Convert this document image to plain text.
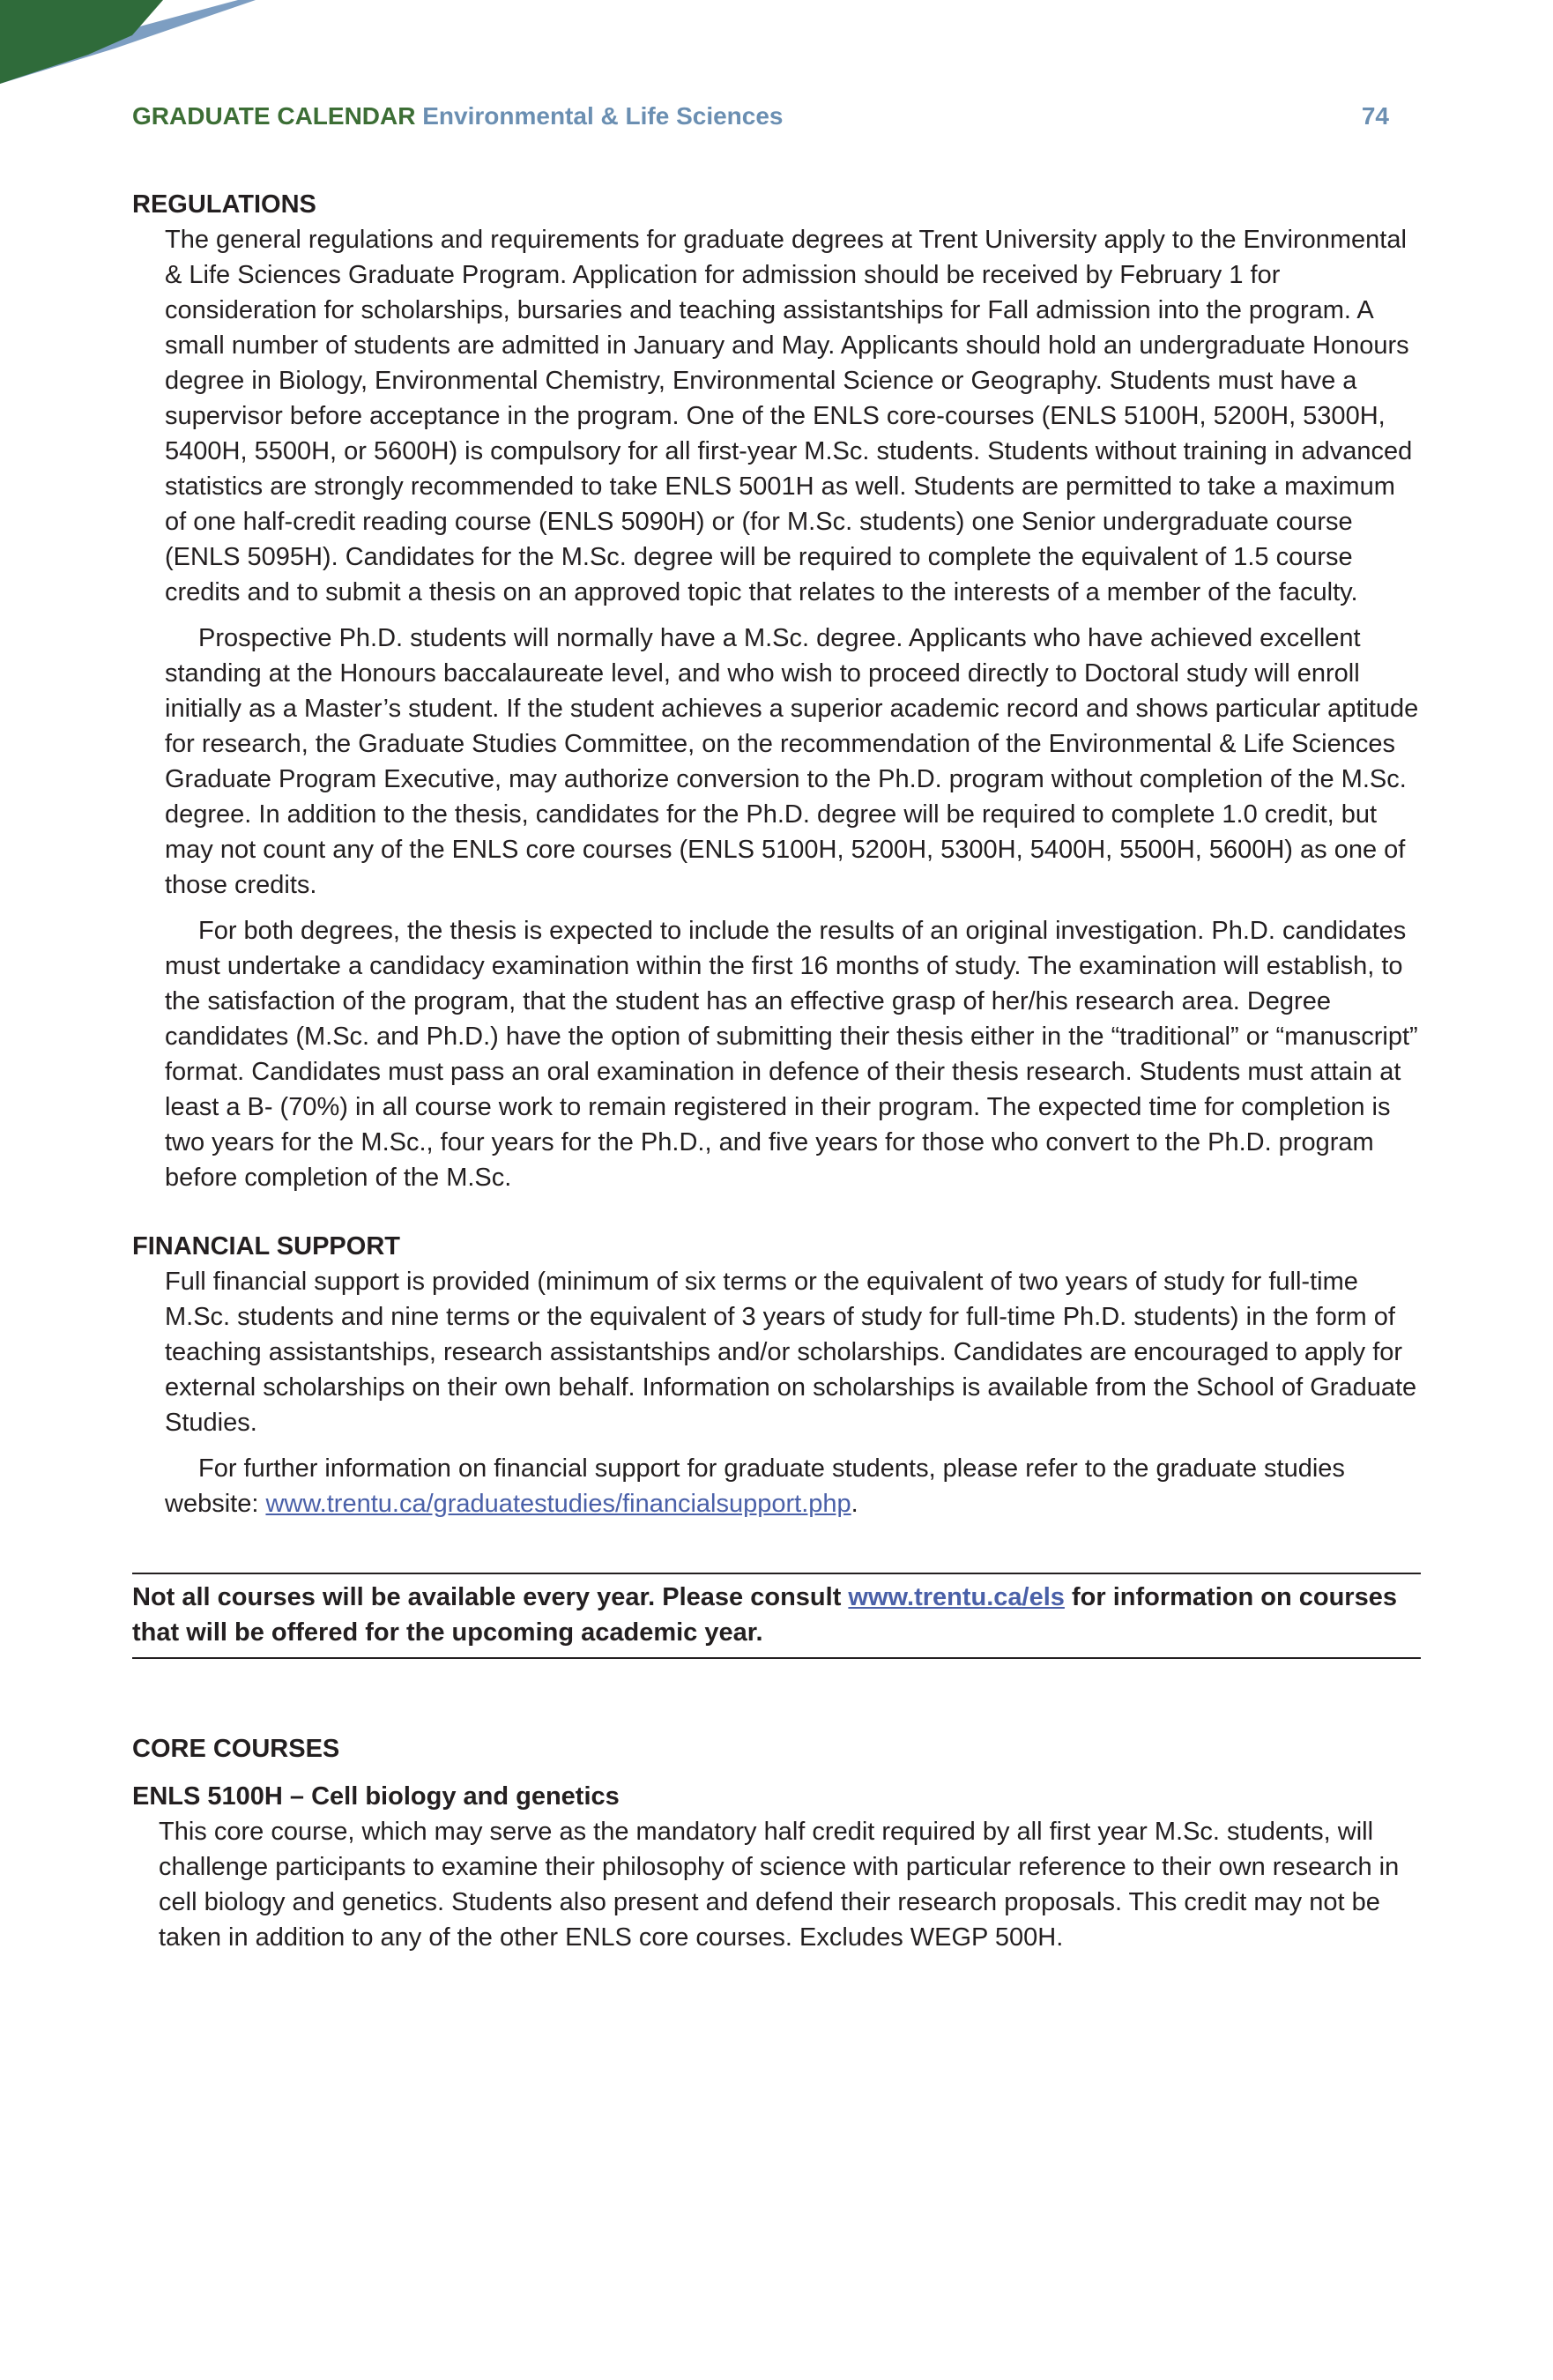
GRADUATE CALENDAR Environmental & Life Sciences	74
REGULATIONS

The general regulations and requirements for graduate degrees at Trent University apply to the Environmental & Life Sciences Graduate Program. Application for admission should be received by February 1 for consideration for scholarships, bursaries and teaching assistantships for Fall admission into the program. A small number of students are admitted in January and May. Applicants should hold an undergraduate Honours degree in Biology, Environmental Chemistry, Environmental Science or Geography. Students must have a supervisor before acceptance in the program. One of the ENLS core-courses (ENLS 5100H, 5200H, 5300H, 5400H, 5500H, or 5600H) is compulsory for all first-year M.Sc. students. Students without training in advanced statistics are strongly recommended to take ENLS 5001H as well. Students are permitted to take a maximum of one half-credit reading course (ENLS 5090H) or (for M.Sc. students) one Senior undergraduate course (ENLS 5095H). Candidates for the M.Sc. degree will be required to complete the equivalent of 1.5 course credits and to submit a thesis on an approved topic that relates to the interests of a member of the faculty.

Prospective Ph.D. students will normally have a M.Sc. degree. Applicants who have achieved excellent standing at the Honours baccalaureate level, and who wish to proceed directly to Doctoral study will enroll initially as a Master’s student. If the student achieves a superior academic record and shows particular aptitude for research, the Graduate Studies Committee, on the recommendation of the Environmental & Life Sciences Graduate Program Executive, may authorize conversion to the Ph.D. program without completion of the M.Sc. degree. In addition to the thesis, candidates for the Ph.D. degree will be required to complete 1.0 credit, but may not count any of the ENLS core courses (ENLS 5100H, 5200H, 5300H, 5400H, 5500H, 5600H) as one of those credits.

For both degrees, the thesis is expected to include the results of an original investigation. Ph.D. candidates must undertake a candidacy examination within the first 16 months of study. The examination will establish, to the satisfaction of the program, that the student has an effective grasp of her/his research area. Degree candidates (M.Sc. and Ph.D.) have the option of submitting their thesis either in the “traditional” or “manuscript” format. Candidates must pass an oral examination in defence of their thesis research. Students must attain at least a B- (70%) in all course work to remain registered in their program. The expected time for completion is two years for the M.Sc., four years for the Ph.D., and five years for those who convert to the Ph.D. program before completion of the M.Sc.

FINANCIAL SUPPORT

Full financial support is provided (minimum of six terms or the equivalent of two years of study for full-time M.Sc. students and nine terms or the equivalent of 3 years of study for full-time Ph.D. students) in the form of teaching assistantships, research assistantships and/or scholarships. Candidates are encouraged to apply for external scholarships on their own behalf. Information on scholarships is available from the School of Graduate Studies.

For further information on financial support for graduate students, please refer to the graduate studies website: www.trentu.ca/graduatestudies/financialsupport.php.

Not all courses will be available every year. Please consult www.trentu.ca/els for information on courses that will be offered for the upcoming academic year.
CORE COURSES
ENLS 5100H – Cell biology and genetics

This core course, which may serve as the mandatory half credit required by all first year M.Sc. students, will challenge participants to examine their philosophy of science with particular reference to their own research in cell biology and genetics. Students also present and defend their research proposals. This credit may not be taken in addition to any of the other ENLS core courses. Excludes WEGP 500H.
